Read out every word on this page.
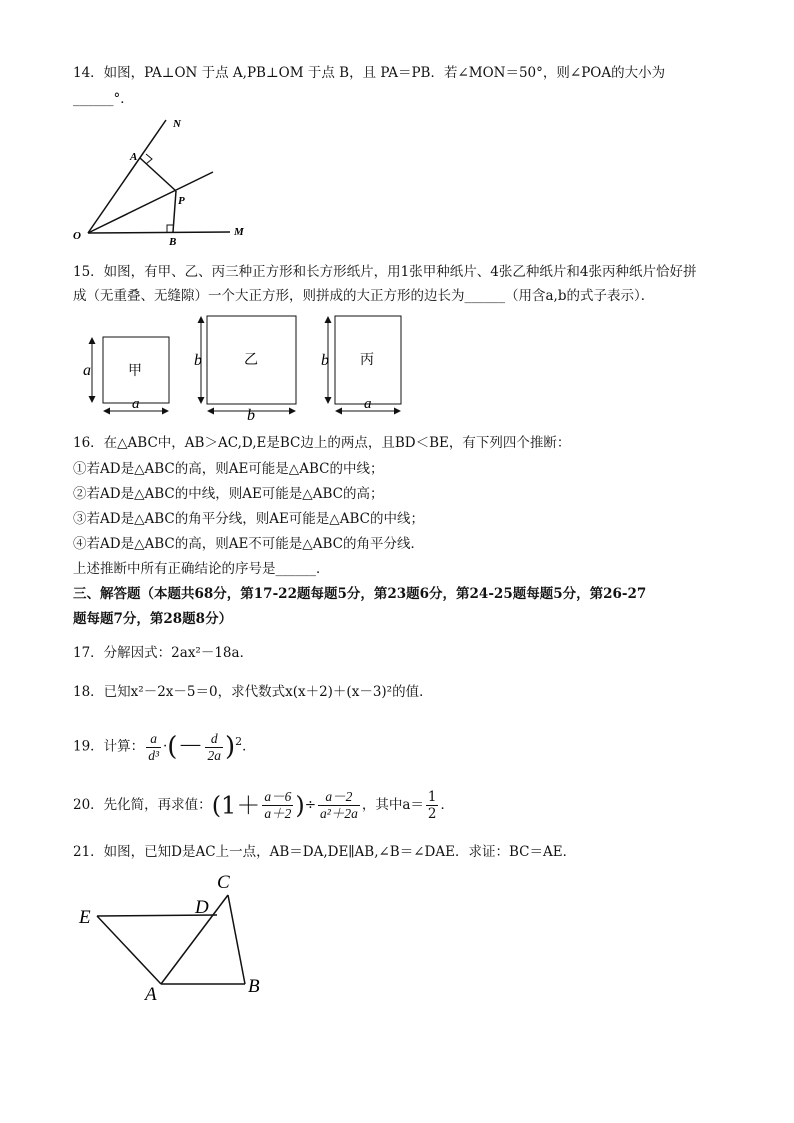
14．如图，PA⊥ON 于点 A,PB⊥OM 于点 B，且 PA＝PB．若∠MON＝50°，则∠POA的大小为
______°．
N
A
P
O	B
M
15．如图，有甲、乙、丙三种正方形和长方形纸片，用1张甲种纸片、4张乙种纸片和4张丙种纸片恰好拼
成（无重叠、无缝隙）一个大正方形，则拼成的大正方形的边长为______（用含a,b的式子表示）．
甲
a
a
乙
b
b
丙
b
a
16．在△ABC中，AB＞AC,D,E是BC边上的两点，且BD＜BE，有下列四个推断：
①若AD是△ABC的高，则AE可能是△ABC的中线；
②若AD是△ABC的中线，则AE可能是△ABC的高；
③若AD是△ABC的角平分线，则AE可能是△ABC的中线；
④若AD是△ABC的高，则AE不可能是△ABC的角平分线．
上述推断中所有正确结论的序号是______．
三、解答题（本题共68分，第17-22题每题5分，第23题6分，第24-25题每题5分，第26-27
题每题7分，第28题8分）
17．分解因式：2ax²－18a．
18．已知x²－2x－5＝0，求代数式x(x＋2)＋(x－3)²的值．
19．计算： $\frac{a}{\text{d³}}$ ·(－ $\frac{d}{2a} )^2$．
20．先化简，再求值：($1+ \frac{a-6}{a+2}$ )÷ $\frac{a-2}{\text{a²＋2a}}$ ，其中$a= \frac{1}{2}$ ．
21．如图，已知D是AC上一点，AB＝DA,DE∥AB,∠B＝∠DAE．求证：BC＝AE．
C
D
E
A	B
